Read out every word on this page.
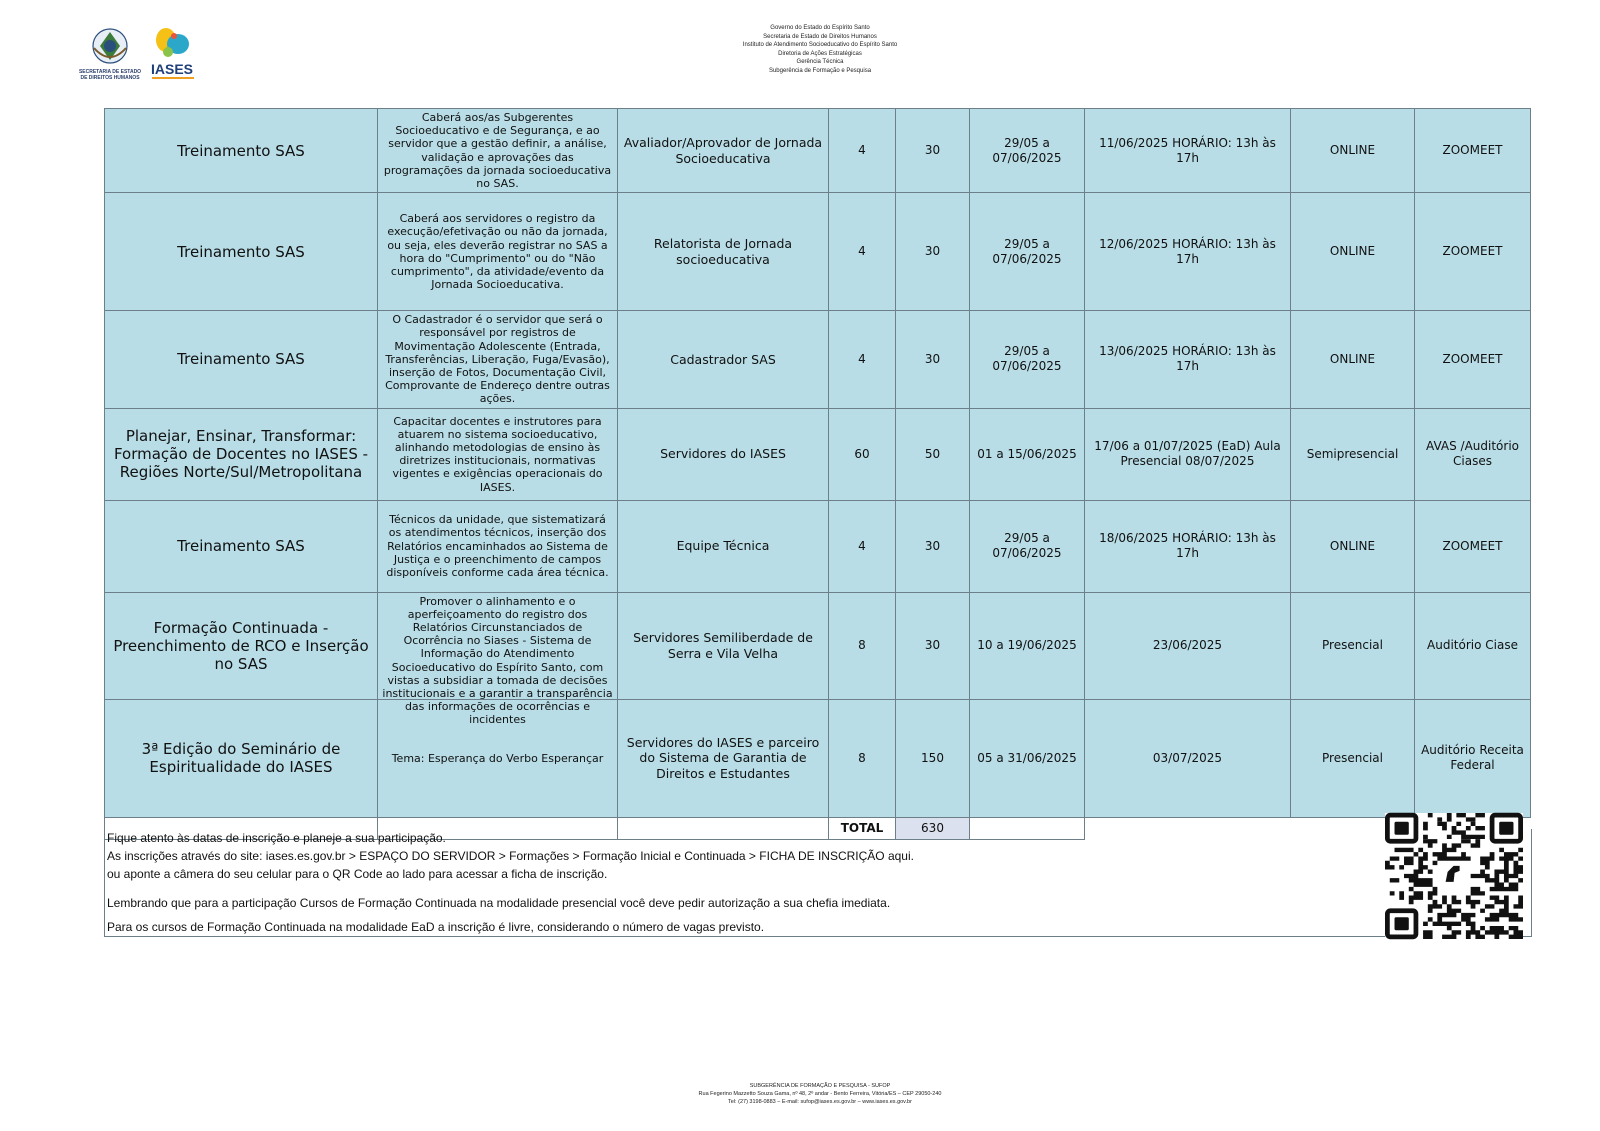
SECRETARIA DE ESTADO
DE DIREITOS HUMANOS
IASES
Governo do Estado do Espírito Santo
Secretaria de Estado de Direitos Humanos
Instituto de Atendimento Socioeducativo do Espírito Santo
Diretoria de Ações Estratégicas
Gerência Técnica
Subgerência de Formação e Pesquisa
Treinamento SAS	Caberá aos/as Subgerentes Socioeducativo e de Segurança, e ao servidor que a gestão definir, a análise, validação e aprovações das programações da jornada socioeducativa no SAS.	Avaliador/Aprovador de Jornada Socioeducativa	4	30	29/05 a 07/06/2025	11/06/2025 HORÁRIO: 13h às 17h	ONLINE	ZOOMEET
Treinamento SAS	Caberá aos servidores o registro da execução/efetivação ou não da jornada, ou seja, eles deverão registrar no SAS a hora do "Cumprimento" ou do "Não cumprimento", da atividade/evento da Jornada Socioeducativa.	Relatorista de Jornada socioeducativa	4	30	29/05 a 07/06/2025	12/06/2025 HORÁRIO: 13h às 17h	ONLINE	ZOOMEET
Treinamento SAS	O Cadastrador é o servidor que será o responsável por registros de Movimentação Adolescente (Entrada, Transferências, Liberação, Fuga/Evasão), inserção de Fotos, Documentação Civil, Comprovante de Endereço dentre outras ações.	Cadastrador SAS	4	30	29/05 a 07/06/2025	13/06/2025 HORÁRIO: 13h às 17h	ONLINE	ZOOMEET
Planejar, Ensinar, Transformar: Formação de Docentes no IASES - Regiões Norte/Sul/Metropolitana	Capacitar docentes e instrutores para atuarem no sistema socioeducativo, alinhando metodologias de ensino às diretrizes institucionais, normativas vigentes e exigências operacionais do IASES.	Servidores do IASES	60	50	01 a 15/06/2025	17/06 a 01/07/2025 (EaD) Aula Presencial 08/07/2025	Semipresencial	AVAS /Auditório Ciases
Treinamento SAS	Técnicos da unidade, que sistematizará os atendimentos técnicos, inserção dos Relatórios encaminhados ao Sistema de Justiça e o preenchimento de campos disponíveis conforme cada área técnica.	Equipe Técnica	4	30	29/05 a 07/06/2025	18/06/2025 HORÁRIO: 13h às 17h	ONLINE	ZOOMEET
Formação Continuada - Preenchimento de RCO e Inserção no SAS	Promover o alinhamento e o aperfeiçoamento do registro dos Relatórios Circunstanciados de Ocorrência no Siases - Sistema de Informação do Atendimento Socioeducativo do Espírito Santo, com vistas a subsidiar a tomada de decisões institucionais e a garantir a transparência das informações de ocorrências e incidentes	Servidores Semiliberdade de Serra e Vila Velha	8	30	10 a 19/06/2025	23/06/2025	Presencial	Auditório Ciase
3ª Edição do Seminário de Espiritualidade do IASES	Tema: Esperança do Verbo Esperançar	Servidores do IASES e parceiro do Sistema de Garantia de Direitos e Estudantes	8	150	05 a 31/06/2025	03/07/2025	Presencial	Auditório Receita Federal
			TOTAL	630				
Fique atento às datas de inscrição e planeje a sua participação.
As inscrições através do site: iases.es.gov.br > ESPAÇO DO SERVIDOR > Formações > Formação Inicial e Continuada > FICHA DE INSCRIÇÃO aqui.
ou aponte a câmera do seu celular para o QR Code ao lado para acessar a ficha de inscrição.
Lembrando que para a participação Cursos de Formação Continuada na modalidade presencial você deve pedir autorização a sua chefia imediata.
Para os cursos de Formação Continuada na modalidade EaD a inscrição é livre, considerando o número de vagas previsto.
SUBGERÊNCIA DE FORMAÇÃO E PESQUISA - SUFOP
Rua Fegerino Mazzetto Souza Gama, nº 48, 2º andar - Bento Ferreira, Vitória/ES – CEP 29050-240
Tel: (27) 3198-0883 – E-mail: sufop@iases.es.gov.br – www.iases.es.gov.br
